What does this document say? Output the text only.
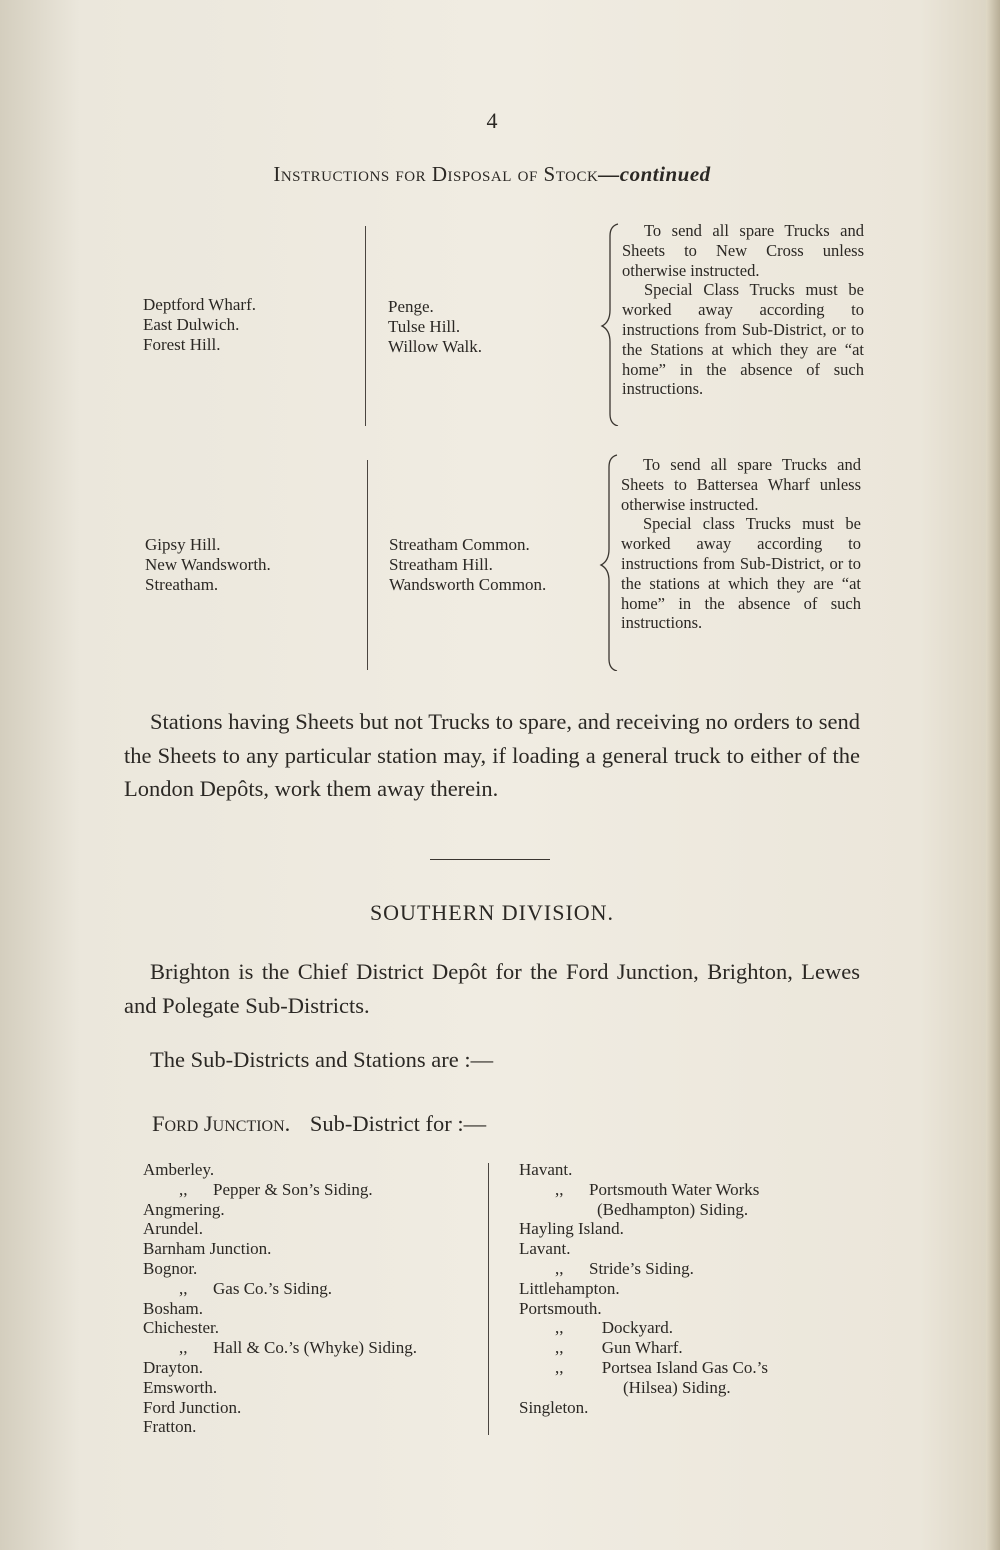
4
Instructions for Disposal of Stock—continued
Deptford Wharf.
East Dulwich.
Forest Hill.
Penge.
Tulse Hill.
Willow Walk.

To send all spare Trucks and Sheets to New Cross unless otherwise instructed.

Special Class Trucks must be worked away according to instructions from Sub-District, or to the Stations at which they are “at home” in the absence of such instructions.

Gipsy Hill.
New Wandsworth.
Streatham.
Streatham Common.
Streatham Hill.
Wandsworth Common.

To send all spare Trucks and Sheets to Battersea Wharf unless otherwise instructed.

Special class Trucks must be worked away according to instructions from Sub-District, or to the stations at which they are “at home” in the absence of such instructions.

Stations having Sheets but not Trucks to spare, and receiving no orders to send the Sheets to any particular station may, if loading a general truck to either of the London Depôts, work them away therein.

SOUTHERN DIVISION.

Brighton is the Chief District Depôt for the Ford Junction, Brighton, Lewes and Polegate Sub-Districts.

The Sub-Districts and Stations are :—
Ford Junction. Sub-District for :—
Amberley.
,,      Pepper & Son’s Siding.
Angmering.
Arundel.
Barnham Junction.
Bognor.
,,      Gas Co.’s Siding.
Bosham.
Chichester.
,,      Hall & Co.’s (Whyke) Siding.
Drayton.
Emsworth.
Ford Junction.
Fratton.
Havant.
,,      Portsmouth Water Works
(Bedhampton) Siding.
Hayling Island.
Lavant.
,,      Stride’s Siding.
Littlehampton.
Portsmouth.
,,         Dockyard.
,,         Gun Wharf.
,,         Portsea Island Gas Co.’s
(Hilsea) Siding.
Singleton.
